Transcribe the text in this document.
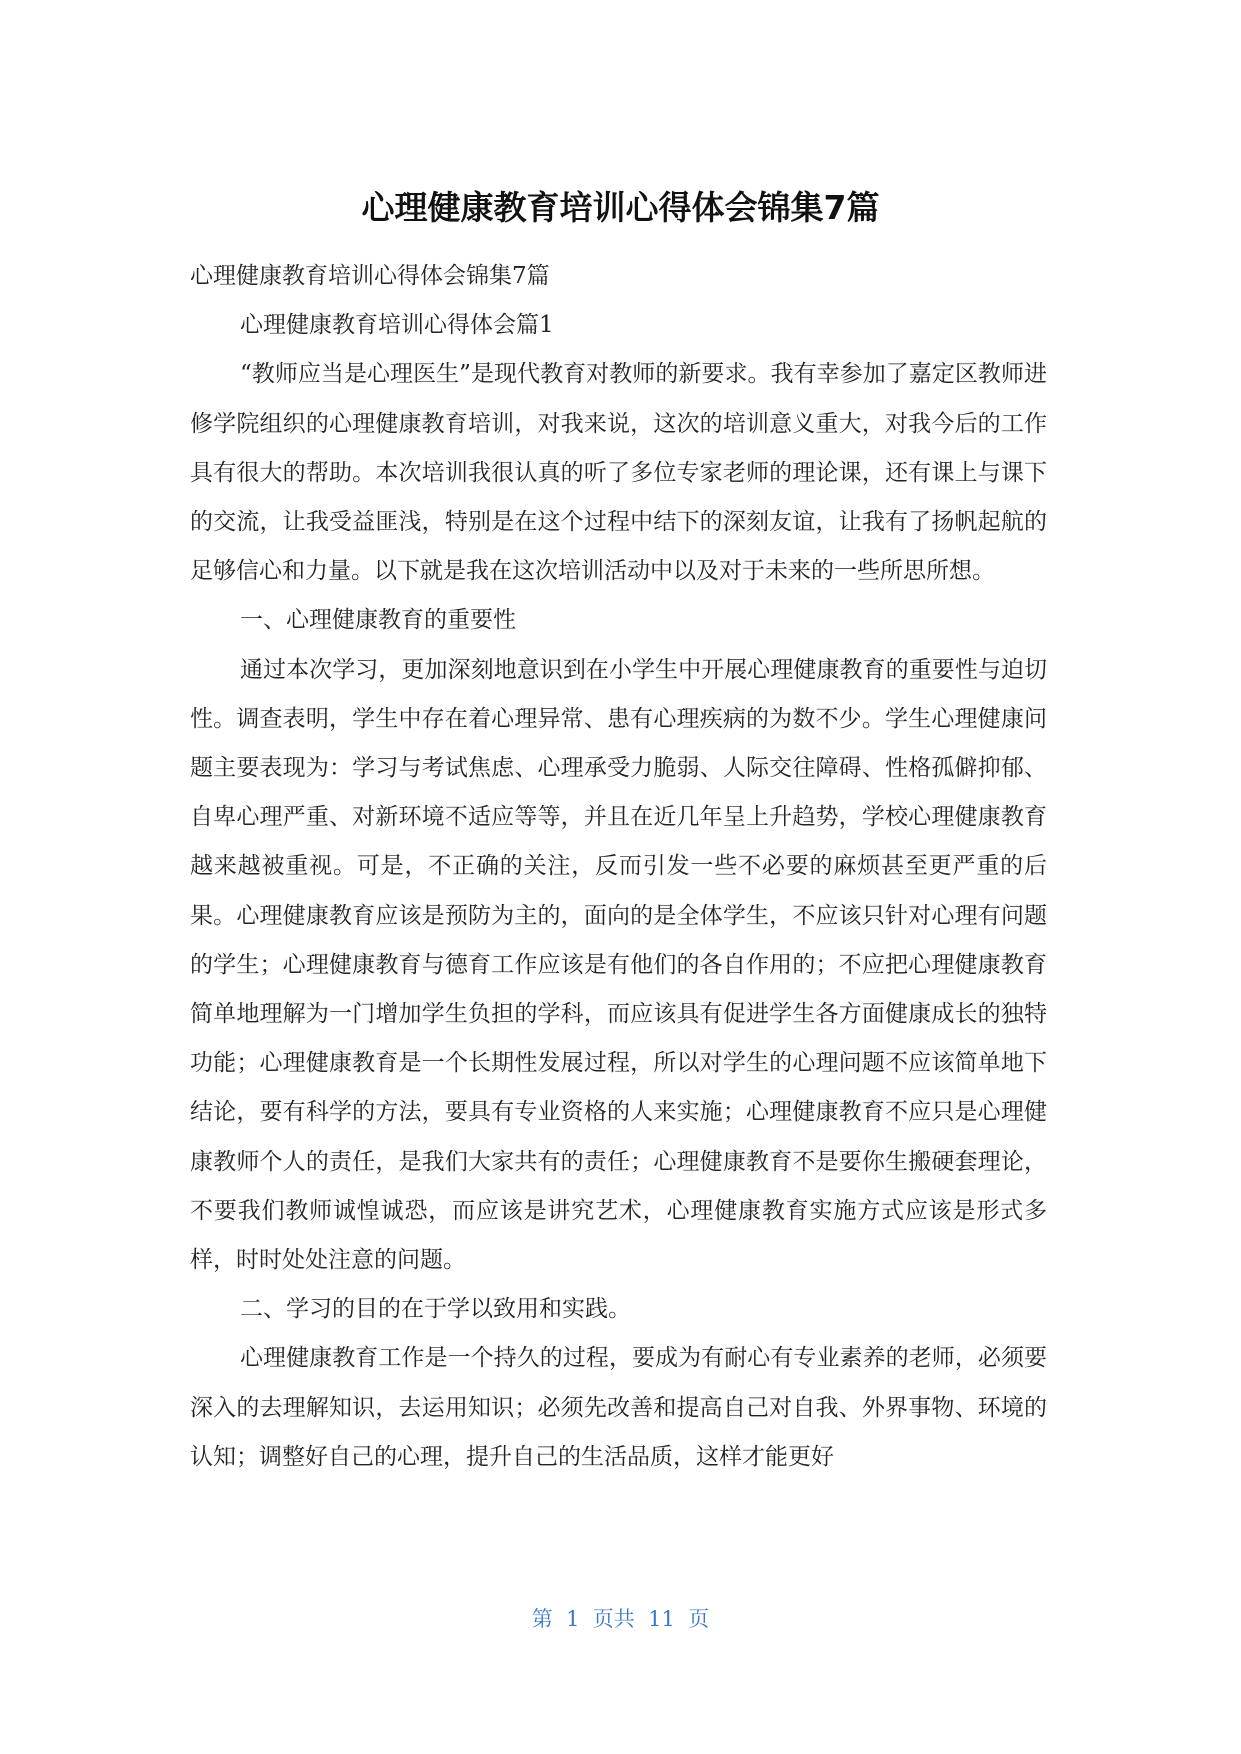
心理健康教育培训心得体会锦集7篇

心理健康教育培训心得体会锦集7篇

心理健康教育培训心得体会篇1

“教师应当是心理医生”是现代教育对教师的新要求。我有幸参加了嘉定区教师进修学院组织的心理健康教育培训，对我来说，这次的培训意义重大，对我今后的工作具有很大的帮助。本次培训我很认真的听了多位专家老师的理论课，还有课上与课下的交流，让我受益匪浅，特别是在这个过程中结下的深刻友谊，让我有了扬帆起航的足够信心和力量。以下就是我在这次培训活动中以及对于未来的一些所思所想。

一、心理健康教育的重要性

通过本次学习，更加深刻地意识到在小学生中开展心理健康教育的重要性与迫切性。调查表明，学生中存在着心理异常、患有心理疾病的为数不少。学生心理健康问题主要表现为：学习与考试焦虑、心理承受力脆弱、人际交往障碍、性格孤僻抑郁、自卑心理严重、对新环境不适应等等，并且在近几年呈上升趋势，学校心理健康教育越来越被重视。可是，不正确的关注，反而引发一些不必要的麻烦甚至更严重的后果。心理健康教育应该是预防为主的，面向的是全体学生，不应该只针对心理有问题的学生；心理健康教育与德育工作应该是有他们的各自作用的；不应把心理健康教育简单地理解为一门增加学生负担的学科，而应该具有促进学生各方面健康成长的独特功能；心理健康教育是一个长期性发展过程，所以对学生的心理问题不应该简单地下结论，要有科学的方法，要具有专业资格的人来实施；心理健康教育不应只是心理健康教师个人的责任，是我们大家共有的责任；心理健康教育不是要你生搬硬套理论，不要我们教师诚惶诚恐，而应该是讲究艺术，心理健康教育实施方式应该是形式多样，时时处处注意的问题。

二、学习的目的在于学以致用和实践。

心理健康教育工作是一个持久的过程，要成为有耐心有专业素养的老师，必须要深入的去理解知识，去运用知识；必须先改善和提高自己对自我、外界事物、环境的认知；调整好自己的心理，提升自己的生活品质，这样才能更好

第  1  页共  11  页
